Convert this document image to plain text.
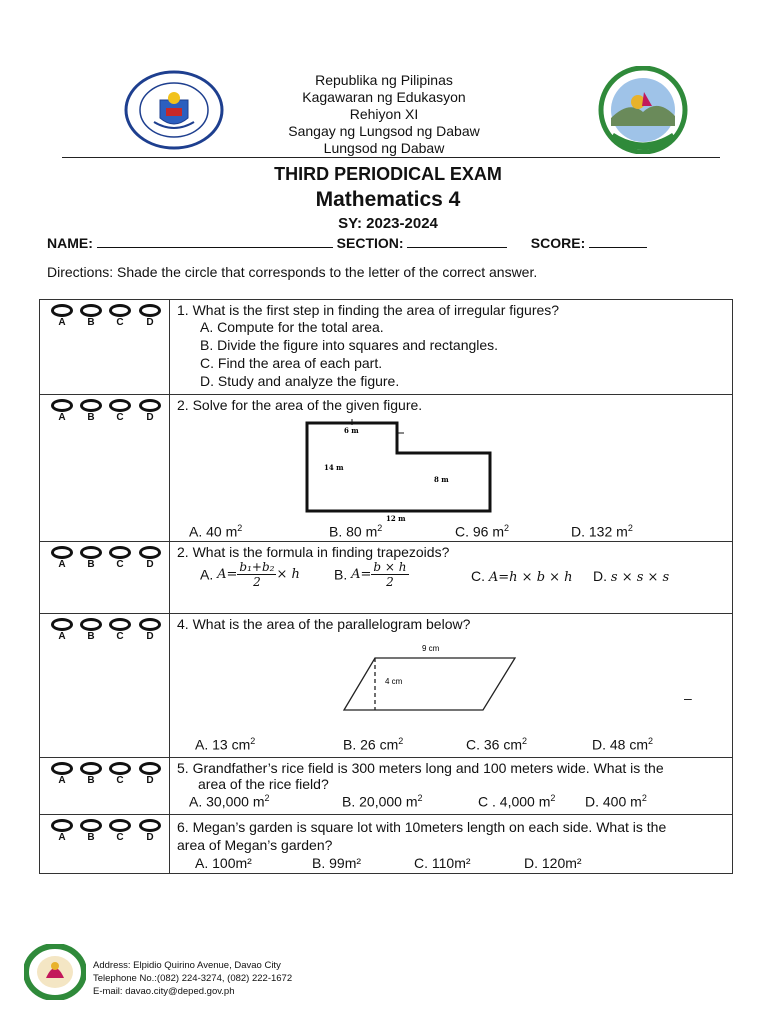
Republika ng Pilipinas
Kagawaran ng Edukasyon
Rehiyon XI
Sangay ng Lungsod ng Dabaw
Lungsod ng Dabaw
THIRD PERIODICAL EXAM
Mathematics 4
SY: 2023-2024
NAME:	SECTION:	SCORE:
Directions: Shade the circle that corresponds to the letter of the correct answer.
A	B	C	D
1. What is the first step in finding the area of irregular figures?
A. Compute for the total area.
B. Divide the figure into squares and rectangles.
C. Find the area of each part.
D. Study and analyze the figure.
A	B	C	D
2. Solve for the area of the given figure.
6 m
14 m
8 m
12 m
A. 40 $m^2$	B. 80 $m^2$	C. 96 $m^2$	D. 132 $m^2$
A	B	C	D
2. What is the formula in finding trapezoids?
A. $A= \frac{\text{b₁+b₂}}{2} \times h$ B. $A= \frac{b \times h}{2}$	C. A=h × b × h D. s × s × s
A	B	C	D
4. What is the area of the parallelogram below?
9 cm
4 cm
–
A. 13 $cm^2$	B. 26 $cm^2$	C. 36 $cm^2$	D. 48 $cm^2$
A	B	C	D
5. Grandfather’s rice field is 300 meters long and 100 meters wide. What is the
area of the rice field?
A. 30,000 $m^2$	B. 20,000 $m^2$	C . 4,000 $m^2$ D. 400 $m^2$
A	B	C	D
6. Megan’s garden is square lot with 10meters length on each side. What is the
area of Megan’s garden?
A. 100m²	B. 99m²	C. 110m²	D. 120m²
Address: Elpidio Quirino Avenue, Davao City
Telephone No.:(082) 224-3274, (082) 222-1672
E-mail: davao.city@deped.gov.ph
